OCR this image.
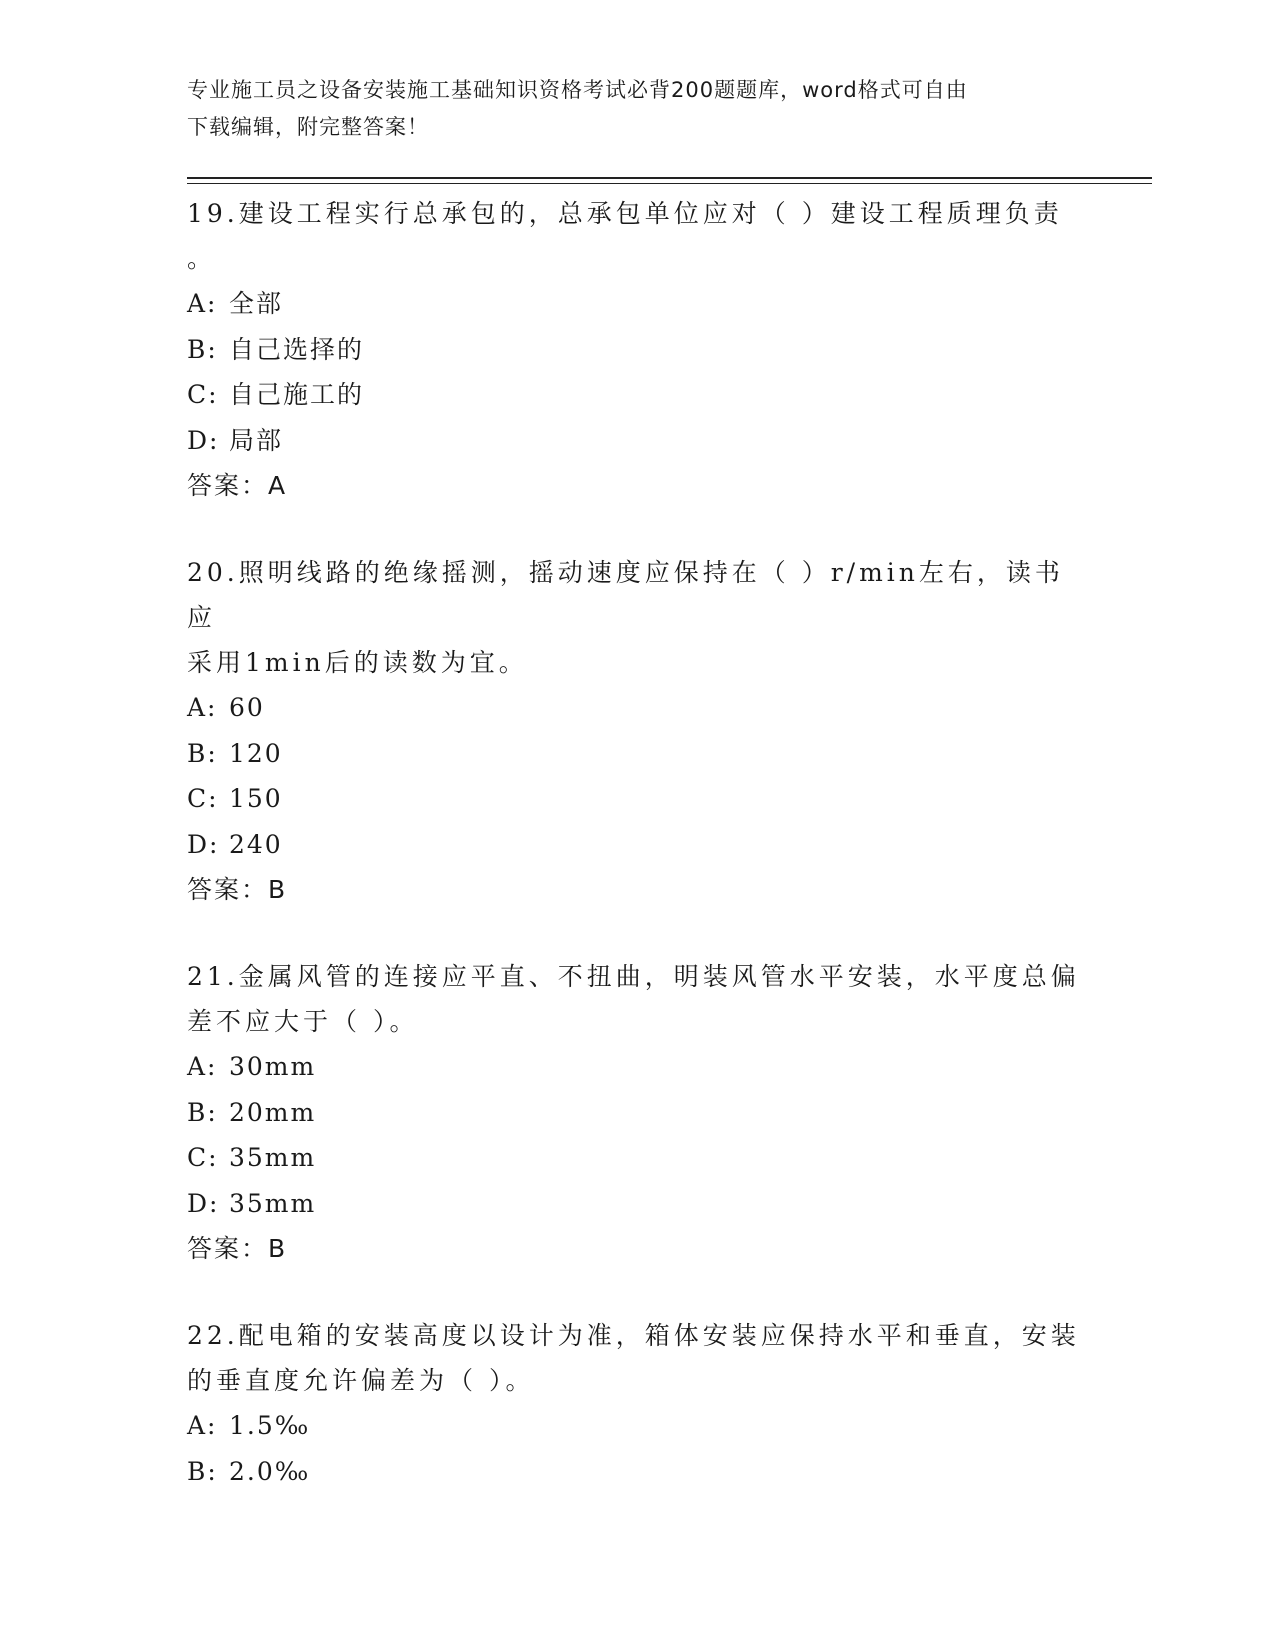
专业施工员之设备安装施工基础知识资格考试必背200题题库，word格式可自由
下载编辑，附完整答案！

19.建设工程实行总承包的，总承包单位应对（ ）建设工程质理负责

。

A: 全部

B: 自己选择的

C: 自己施工的

D: 局部

答案：A

20.照明线路的绝缘摇测，摇动速度应保持在（ ）r/min左右，读书应

采用1min后的读数为宜。

A: 60

B: 120

C: 150

D: 240

答案：B

21.金属风管的连接应平直、不扭曲，明装风管水平安装，水平度总偏

差不应大于（ ）。

A: 30mm

B: 20mm

C: 35mm

D: 35mm

答案：B

22.配电箱的安装高度以设计为准，箱体安装应保持水平和垂直，安装

的垂直度允许偏差为（ ）。

A: 1.5‰

B: 2.0‰
